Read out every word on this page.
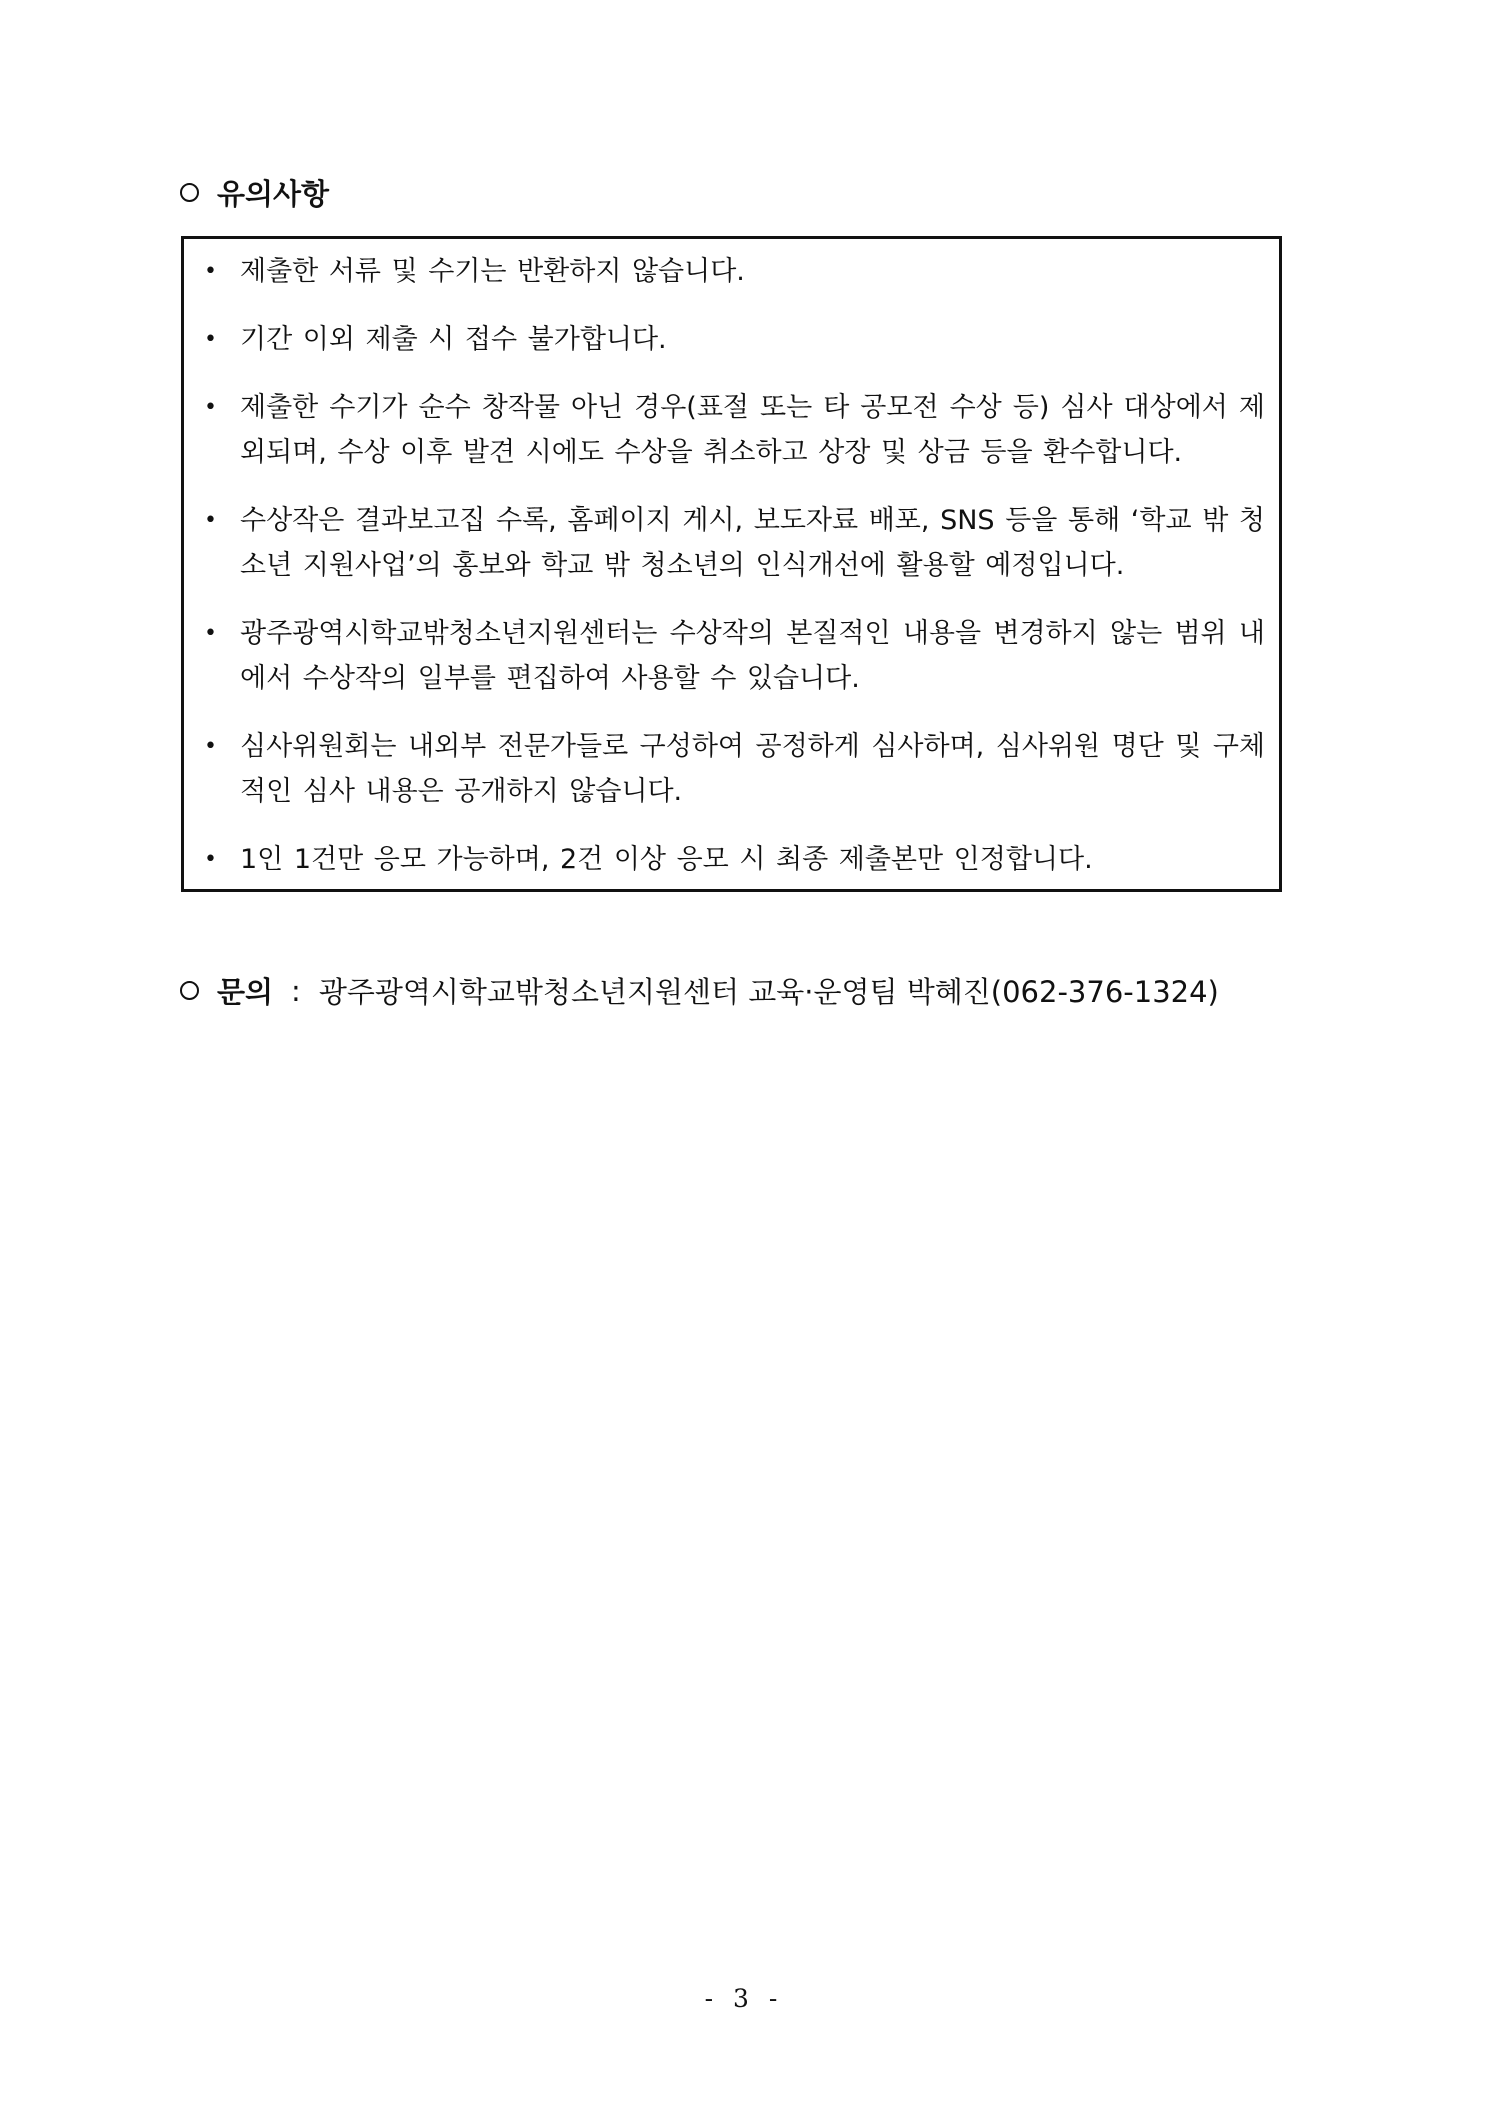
유의사항
• 제출한 서류 및 수기는 반환하지 않습니다.
• 기간 이외 제출 시 접수 불가합니다.
• 제출한 수기가 순수 창작물 아닌 경우(표절 또는 타 공모전 수상 등) 심사 대상에서 제외되며, 수상 이후 발견 시에도 수상을 취소하고 상장 및 상금 등을 환수합니다.
• 수상작은 결과보고집 수록, 홈페이지 게시, 보도자료 배포, SNS 등을 통해 ‘학교 밖 청소년 지원사업’의 홍보와 학교 밖 청소년의 인식개선에 활용할 예정입니다.
• 광주광역시학교밖청소년지원센터는 수상작의 본질적인 내용을 변경하지 않는 범위 내에서 수상작의 일부를 편집하여 사용할 수 있습니다.
• 심사위원회는 내외부 전문가들로 구성하여 공정하게 심사하며, 심사위원 명단 및 구체적인 심사 내용은 공개하지 않습니다.
• 1인 1건만 응모 가능하며, 2건 이상 응모 시 최종 제출본만 인정합니다.
문의 : 광주광역시학교밖청소년지원센터 교육·운영팀 박혜진(062-376-1324)
- 3 -
